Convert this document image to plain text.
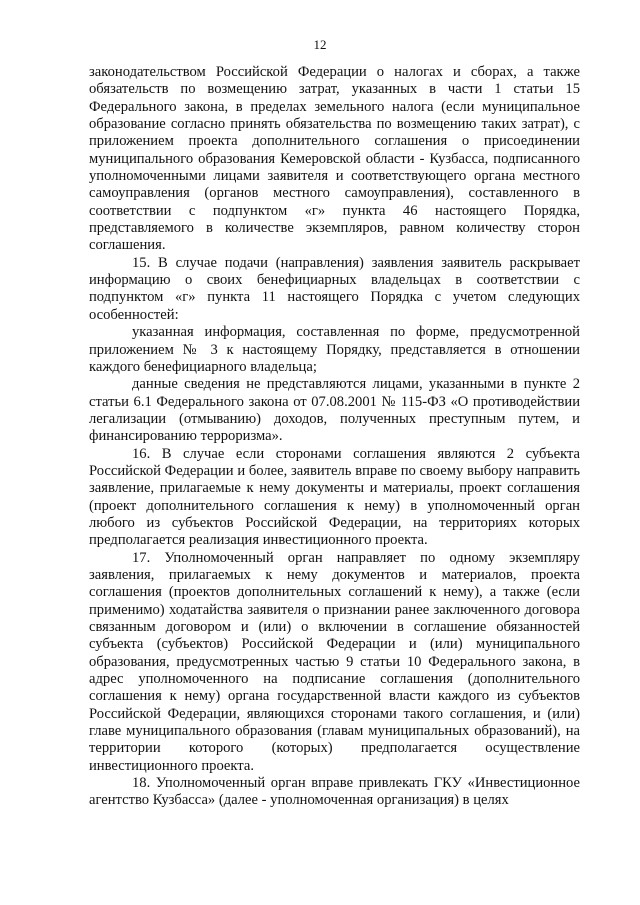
12

законодательством Российской Федерации о налогах и сборах, а также обязательств по возмещению затрат, указанных в части 1 статьи 15 Федерального закона, в пределах земельного налога (если муниципальное образование согласно принять обязательства по возмещению таких затрат), с приложением проекта дополнительного соглашения о присоединении муниципального образования Кемеровской области - Кузбасса, подписанного уполномоченными лицами заявителя и соответствующего органа местного самоуправления (органов местного самоуправления), составленного в соответствии с подпунктом «г» пункта 46 настоящего Порядка, представляемого в количестве экземпляров, равном количеству сторон соглашения.

15. В случае подачи (направления) заявления заявитель раскрывает информацию о своих бенефициарных владельцах в соответствии с подпунктом «г» пункта 11 настоящего Порядка с учетом следующих особенностей:

указанная информация, составленная по форме, предусмотренной приложением № 3 к настоящему Порядку, представляется в отношении каждого бенефициарного владельца;

данные сведения не представляются лицами, указанными в пункте 2 статьи 6.1 Федерального закона от 07.08.2001 № 115-ФЗ «О противодействии легализации (отмыванию) доходов, полученных преступным путем, и финансированию терроризма».

16. В случае если сторонами соглашения являются 2 субъекта Российской Федерации и более, заявитель вправе по своему выбору направить заявление, прилагаемые к нему документы и материалы, проект соглашения (проект дополнительного соглашения к нему) в уполномоченный орган любого из субъектов Российской Федерации, на территориях которых предполагается реализация инвестиционного проекта.

17. Уполномоченный орган направляет по одному экземпляру заявления, прилагаемых к нему документов и материалов, проекта соглашения (проектов дополнительных соглашений к нему), а также (если применимо) ходатайства заявителя о признании ранее заключенного договора связанным договором и (или) о включении в соглашение обязанностей субъекта (субъектов) Российской Федерации и (или) муниципального образования, предусмотренных частью 9 статьи 10 Федерального закона, в адрес уполномоченного на подписание соглашения (дополнительного соглашения к нему) органа государственной власти каждого из субъектов Российской Федерации, являющихся сторонами такого соглашения, и (или) главе муниципального образования (главам муниципальных образований), на территории которого (которых) предполагается осуществление инвестиционного проекта.

18. Уполномоченный орган вправе привлекать ГКУ «Инвестиционное агентство Кузбасса» (далее - уполномоченная организация) в целях
